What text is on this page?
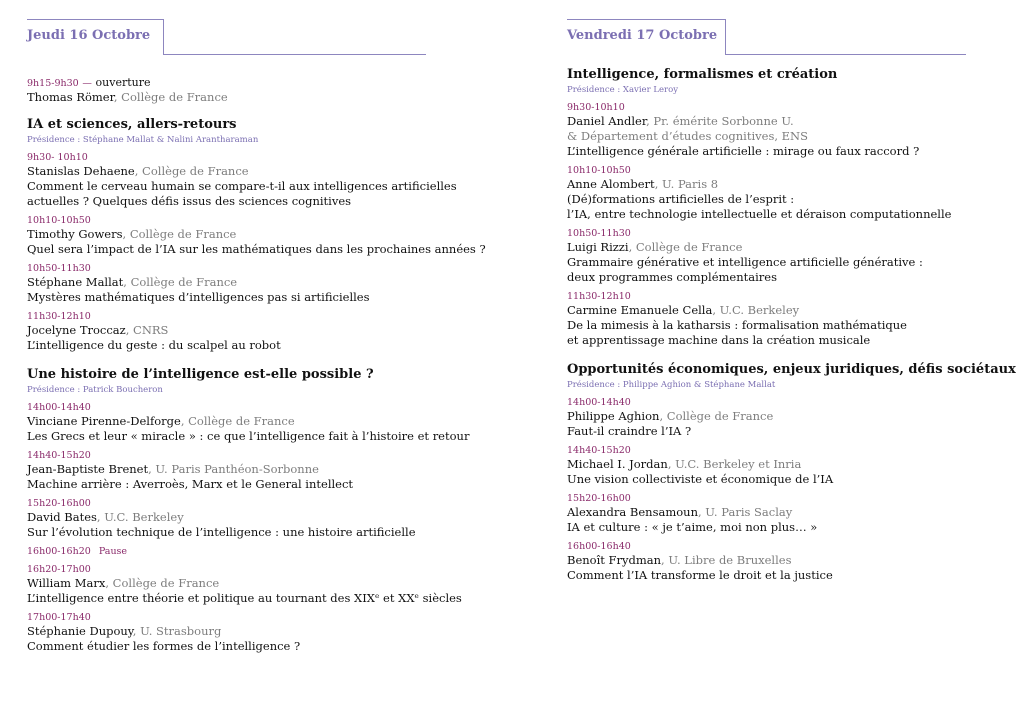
Jeudi 16 Octobre
9h15-9h30 — ouverture
Thomas Römer, Collège de France
IA et sciences, allers-retours
Présidence : Stéphane Mallat & Nalini Arantharaman
9h30- 10h10
Stanislas Dehaene, Collège de France
Comment le cerveau humain se compare-t-il aux intelligences artificielles
actuelles ? Quelques défis issus des sciences cognitives
10h10-10h50
Timothy Gowers, Collège de France
Quel sera l’impact de l’IA sur les mathématiques dans les prochaines années ?
10h50-11h30
Stéphane Mallat, Collège de France
Mystères mathématiques d’intelligences pas si artificielles
11h30-12h10
Jocelyne Troccaz, CNRS
L’intelligence du geste : du scalpel au robot
Une histoire de l’intelligence est-elle possible ?
Présidence : Patrick Boucheron
14h00-14h40
Vinciane Pirenne-Delforge, Collège de France
Les Grecs et leur « miracle » : ce que l’intelligence fait à l’histoire et retour
14h40-15h20
Jean-Baptiste Brenet, U. Paris Panthéon-Sorbonne
Machine arrière : Averroès, Marx et le General intellect
15h20-16h00
David Bates, U.C. Berkeley
Sur l’évolution technique de l’intelligence : une histoire artificielle
16h00-16h20 Pause
16h20-17h00
William Marx, Collège de France
L’intelligence entre théorie et politique au tournant des XIXᵉ et XXᵉ siècles
17h00-17h40
Stéphanie Dupouy, U. Strasbourg
Comment étudier les formes de l’intelligence ?
Vendredi 17 Octobre
Intelligence, formalismes et création
Présidence : Xavier Leroy
9h30-10h10
Daniel Andler, Pr. émérite Sorbonne U.
& Département d’études cognitives, ENS
L’intelligence générale artificielle : mirage ou faux raccord ?
10h10-10h50
Anne Alombert, U. Paris 8
(Dé)formations artificielles de l’esprit :
l’IA, entre technologie intellectuelle et déraison computationnelle
10h50-11h30
Luigi Rizzi, Collège de France
Grammaire générative et intelligence artificielle générative :
deux programmes complémentaires
11h30-12h10
Carmine Emanuele Cella, U.C. Berkeley
De la mimesis à la katharsis : formalisation mathématique
et apprentissage machine dans la création musicale
Opportunités économiques, enjeux juridiques, défis sociétaux
Présidence : Philippe Aghion & Stéphane Mallat
14h00-14h40
Philippe Aghion, Collège de France
Faut-il craindre l’IA ?
14h40-15h20
Michael I. Jordan, U.C. Berkeley et Inria
Une vision collectiviste et économique de l’IA
15h20-16h00
Alexandra Bensamoun, U. Paris Saclay
IA et culture : « je t’aime, moi non plus… »
16h00-16h40
Benoît Frydman, U. Libre de Bruxelles
Comment l’IA transforme le droit et la justice
